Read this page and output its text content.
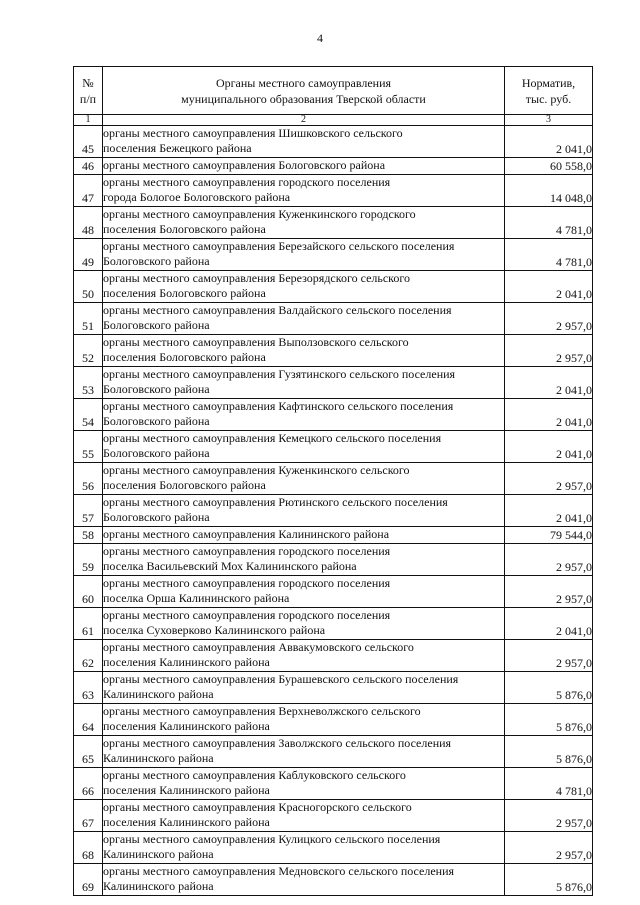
4
№
п/п	Органы местного самоуправления
муниципального образования Тверской области	Норматив,
тыс. руб.
1	2	3
45	органы местного самоуправления Шишковского сельского
поселения Бежецкого района	2 041,0
46	органы местного самоуправления Бологовского района	60 558,0
47	органы местного самоуправления городского поселения
города Бологое Бологовского района	14 048,0
48	органы местного самоуправления Куженкинского городского
поселения Бологовского района	4 781,0
49	органы местного самоуправления Березайского сельского поселения
Бологовского района	4 781,0
50	органы местного самоуправления Березорядского сельского
поселения Бологовского района	2 041,0
51	органы местного самоуправления Валдайского сельского поселения
Бологовского района	2 957,0
52	органы местного самоуправления Выползовского сельского
поселения Бологовского района	2 957,0
53	органы местного самоуправления Гузятинского сельского поселения
Бологовского района	2 041,0
54	органы местного самоуправления Кафтинского сельского поселения
Бологовского района	2 041,0
55	органы местного самоуправления Кемецкого сельского поселения
Бологовского района	2 041,0
56	органы местного самоуправления Куженкинского сельского
поселения Бологовского района	2 957,0
57	органы местного самоуправления Рютинского сельского поселения
Бологовского района	2 041,0
58	органы местного самоуправления Калининского района	79 544,0
59	органы местного самоуправления городского поселения
поселка Васильевский Мох Калининского района	2 957,0
60	органы местного самоуправления городского поселения
поселка Орша Калининского района	2 957,0
61	органы местного самоуправления городского поселения
поселка Суховерково Калининского района	2 041,0
62	органы местного самоуправления Аввакумовского сельского
поселения Калининского района	2 957,0
63	органы местного самоуправления Бурашевского сельского поселения
Калининского района	5 876,0
64	органы местного самоуправления Верхневолжского сельского
поселения Калининского района	5 876,0
65	органы местного самоуправления Заволжского сельского поселения
Калининского района	5 876,0
66	органы местного самоуправления Каблуковского сельского
поселения Калининского района	4 781,0
67	органы местного самоуправления Красногорского сельского
поселения Калининского района	2 957,0
68	органы местного самоуправления Кулицкого сельского поселения
Калининского района	2 957,0
69	органы местного самоуправления Медновского сельского поселения
Калининского района	5 876,0
